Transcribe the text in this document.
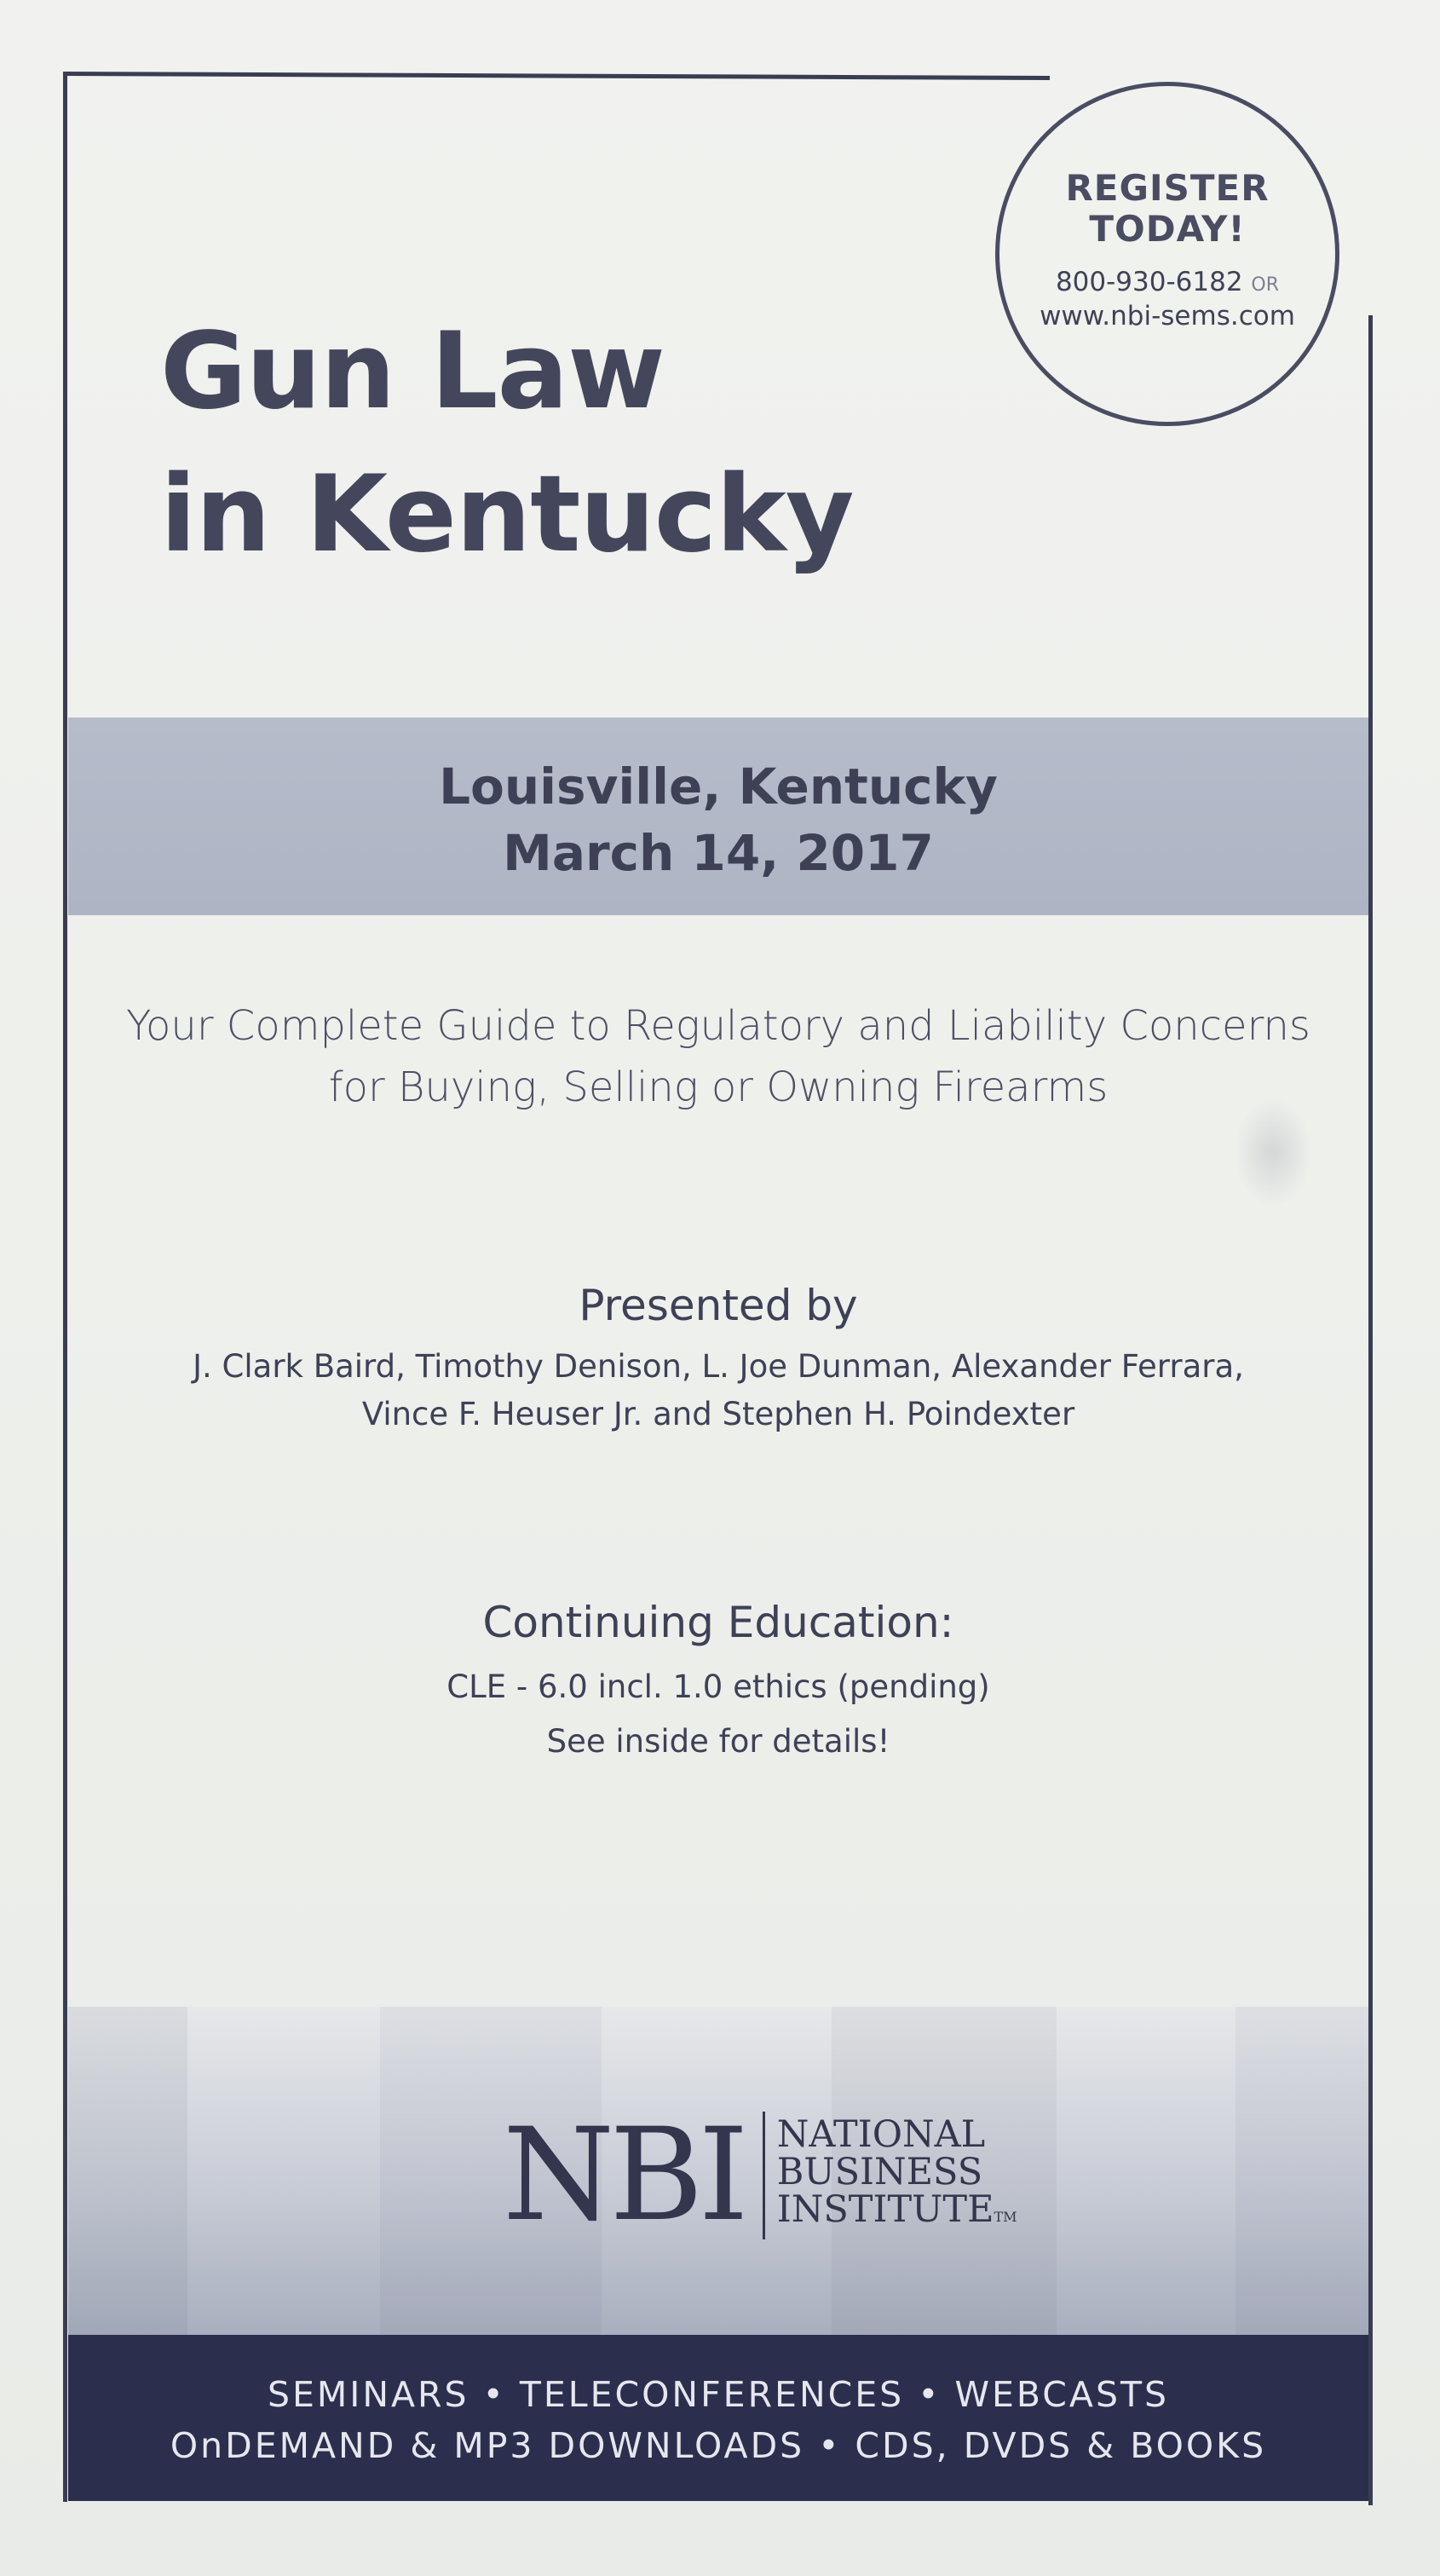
REGISTER
TODAY!
800-930-6182 OR
www.nbi-sems.com
Gun Law
in Kentucky
Louisville, Kentucky
March 14, 2017
Your Complete Guide to Regulatory and Liability Concerns
for Buying, Selling or Owning Firearms
Presented by
J. Clark Baird, Timothy Denison, L. Joe Dunman, Alexander Ferrara,
Vince F. Heuser Jr. and Stephen H. Poindexter
Continuing Education:
CLE - 6.0 incl. 1.0 ethics (pending)
See inside for details!
NBI NATIONAL
BUSINESS
INSTITUTETM
SEMINARS • TELECONFERENCES • WEBCASTS
OnDEMAND & MP3 DOWNLOADS • CDS, DVDS & BOOKS
